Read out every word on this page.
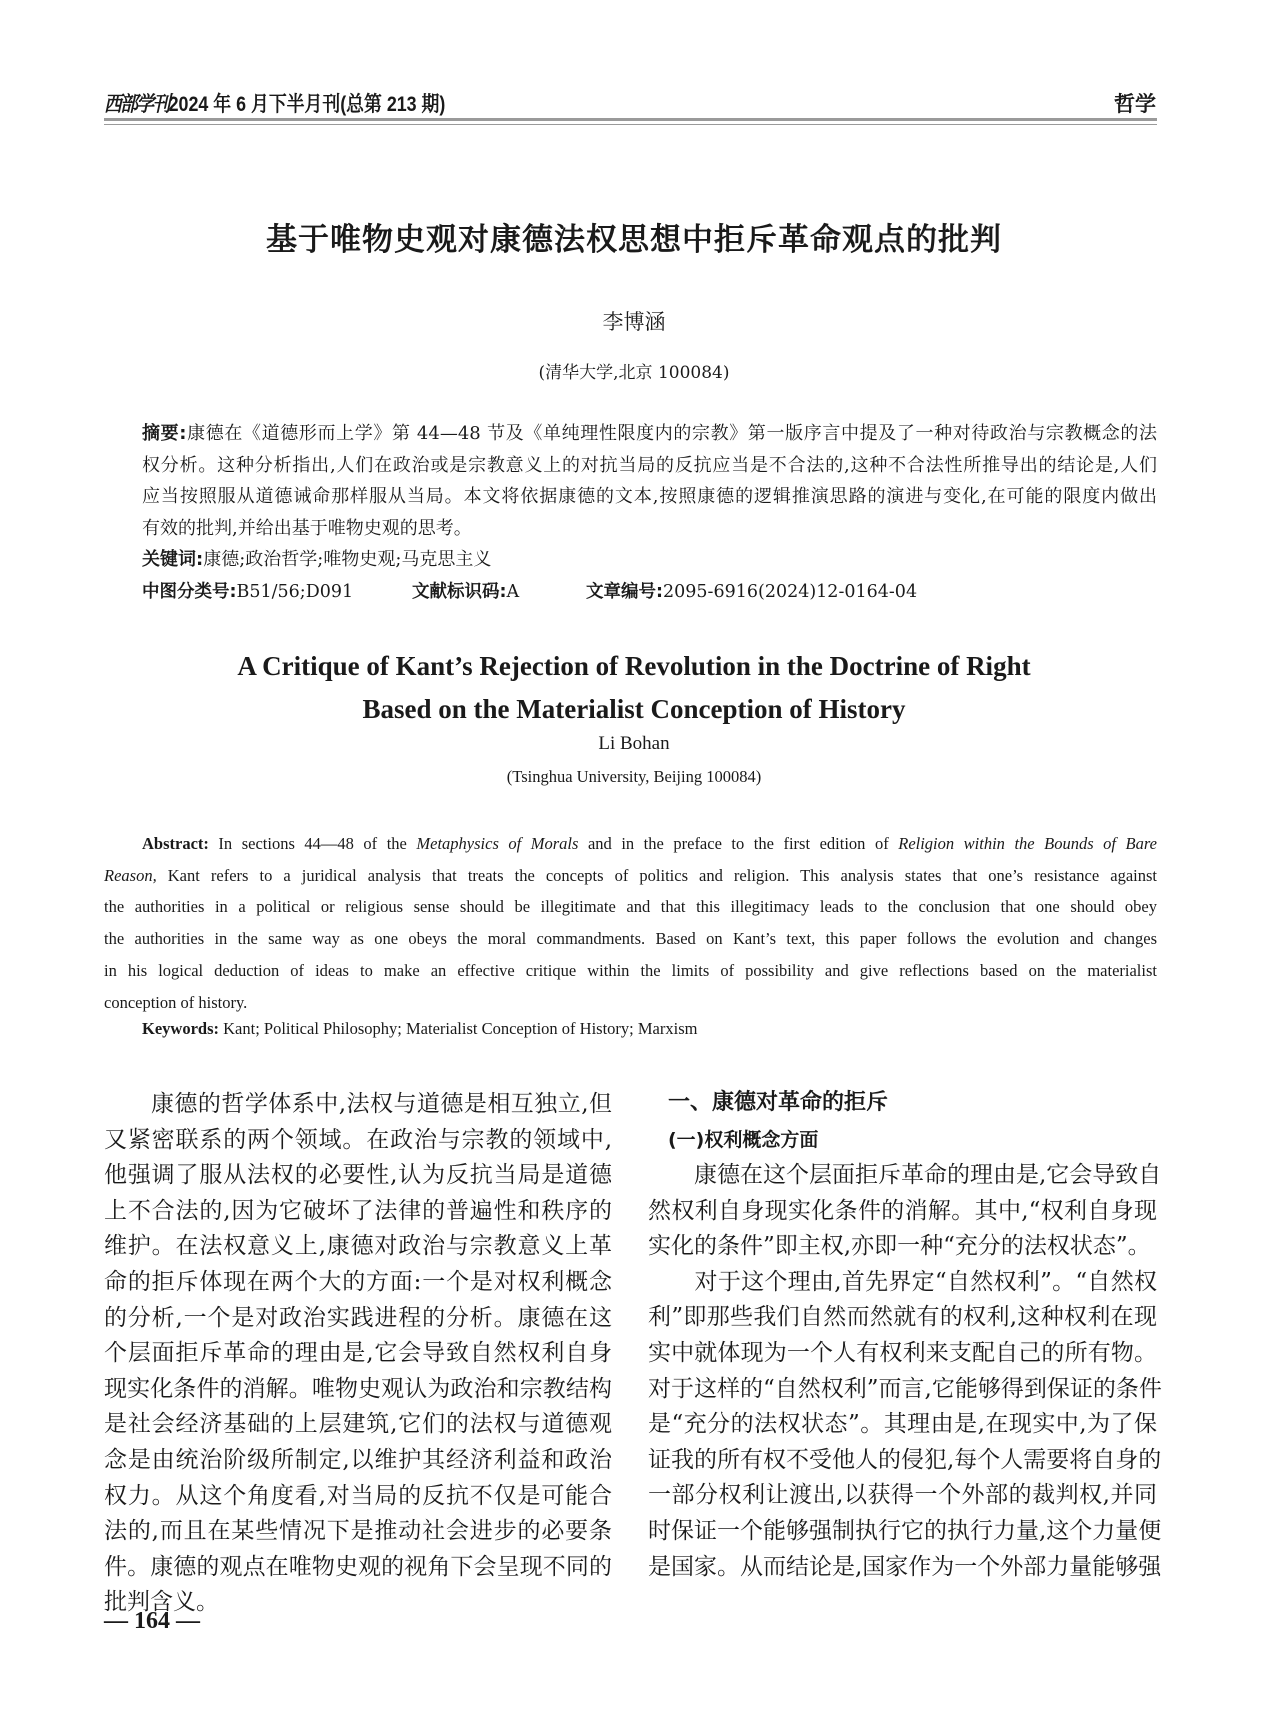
西部学刊2024 年 6 月下半月刊(总第 213 期)	哲学
基于唯物史观对康德法权思想中拒斥革命观点的批判
李博涵
(清华大学,北京 100084)
摘要:康德在《道德形而上学》第 44—48 节及《单纯理性限度内的宗教》第一版序言中提及了一种对待政治与宗教概念的法
权分析。这种分析指出,人们在政治或是宗教意义上的对抗当局的反抗应当是不合法的,这种不合法性所推导出的结论是,人们
应当按照服从道德诫命那样服从当局。本文将依据康德的文本,按照康德的逻辑推演思路的演进与变化,在可能的限度内做出
有效的批判,并给出基于唯物史观的思考。
关键词:康德;政治哲学;唯物史观;马克思主义
中图分类号:B51/56;D091	文献标识码:A	文章编号:2095-6916(2024)12-0164-04
A Critique of Kant’s Rejection of Revolution in the Doctrine of Right
Based on the Materialist Conception of History
Li Bohan
(Tsinghua University, Beijing 100084)
Abstract: In sections 44—48 of the Metaphysics of Morals and in the preface to the first edition of Religion within the Bounds of Bare
Reason, Kant refers to a juridical analysis that treats the concepts of politics and religion. This analysis states that one’s resistance against
the authorities in a political or religious sense should be illegitimate and that this illegitimacy leads to the conclusion that one should obey
the authorities in the same way as one obeys the moral commandments. Based on Kant’s text, this paper follows the evolution and changes
in his logical deduction of ideas to make an effective critique within the limits of possibility and give reflections based on the materialist
conception of history.
Keywords: Kant; Political Philosophy; Materialist Conception of History; Marxism
　　康德的哲学体系中,法权与道德是相互独立,但
又紧密联系的两个领域。在政治与宗教的领域中,
他强调了服从法权的必要性,认为反抗当局是道德
上不合法的,因为它破坏了法律的普遍性和秩序的
维护。在法权意义上,康德对政治与宗教意义上革
命的拒斥体现在两个大的方面:一个是对权利概念
的分析,一个是对政治实践进程的分析。康德在这
个层面拒斥革命的理由是,它会导致自然权利自身
现实化条件的消解。唯物史观认为政治和宗教结构
是社会经济基础的上层建筑,它们的法权与道德观
念是由统治阶级所制定,以维护其经济利益和政治
权力。从这个角度看,对当局的反抗不仅是可能合
法的,而且在某些情况下是推动社会进步的必要条
件。康德的观点在唯物史观的视角下会呈现不同的
批判含义。
一、康德对革命的拒斥
(一)权利概念方面
　　康德在这个层面拒斥革命的理由是,它会导致自
然权利自身现实化条件的消解。其中,“权利自身现
实化的条件”即主权,亦即一种“充分的法权状态”。
　　对于这个理由,首先界定“自然权利”。“自然权
利”即那些我们自然而然就有的权利,这种权利在现
实中就体现为一个人有权利来支配自己的所有物。
对于这样的“自然权利”而言,它能够得到保证的条件
是“充分的法权状态”。其理由是,在现实中,为了保
证我的所有权不受他人的侵犯,每个人需要将自身的
一部分权利让渡出,以获得一个外部的裁判权,并同
时保证一个能够强制执行它的执行力量,这个力量便
是国家。从而结论是,国家作为一个外部力量能够强
— 164 —
